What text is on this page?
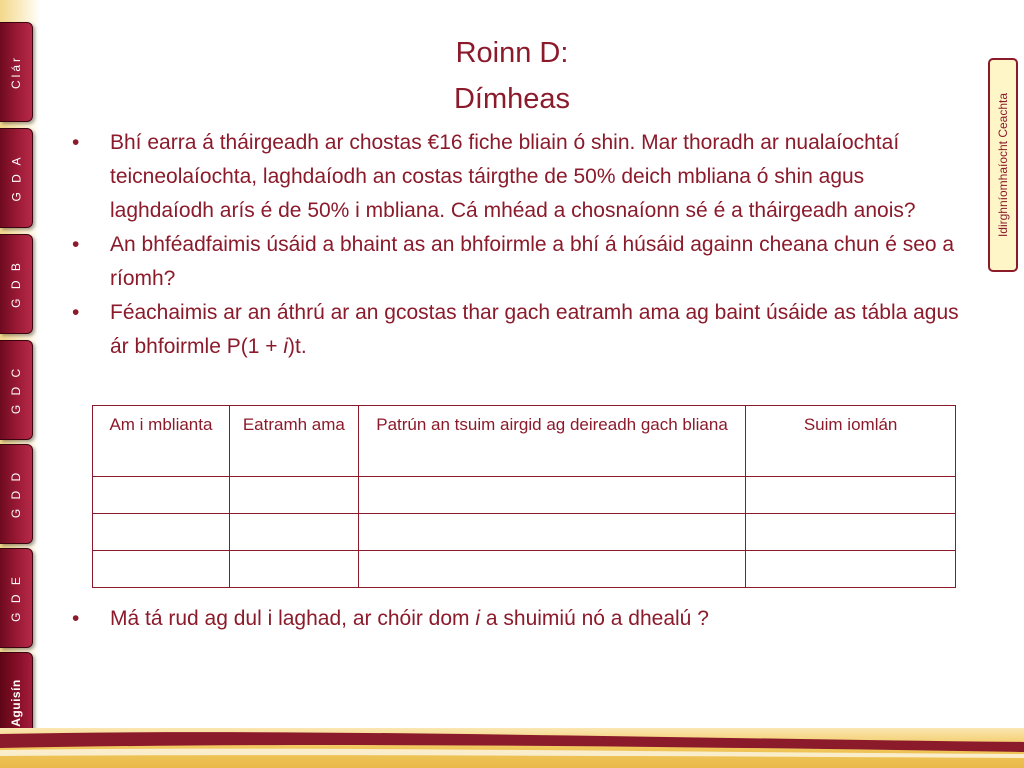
Clár
G D A
G D B
G D C
G D D
G D E
Aguisín
Roinn D:
Dímheas	Idirghníomhaíocht Ceachta
• Bhí earra á tháirgeadh ar chostas €16 fiche bliain ó shin. Mar thoradh ar nualaíochtaí teicneolaíochta, laghdaíodh an costas táirgthe de 50% deich mbliana ó shin agus laghdaíodh arís é de 50% i mbliana. Cá mhéad a chosnaíonn sé é a tháirgeadh anois?
• An bhféadfaimis úsáid a bhaint as an bhfoirmle a bhí á húsáid againn cheana chun é seo a ríomh?
• Féachaimis ar an áthrú ar an gcostas thar gach eatramh ama ag baint úsáide as tábla agus ár bhfoirmle P(1 + i)t.
Am i mblianta	Eatramh ama	Patrún an tsuim airgid ag deireadh gach bliana	Suim iomlán

• Má tá rud ag dul i laghad, ar chóir dom i a shuimiú nó a dhealú ?
